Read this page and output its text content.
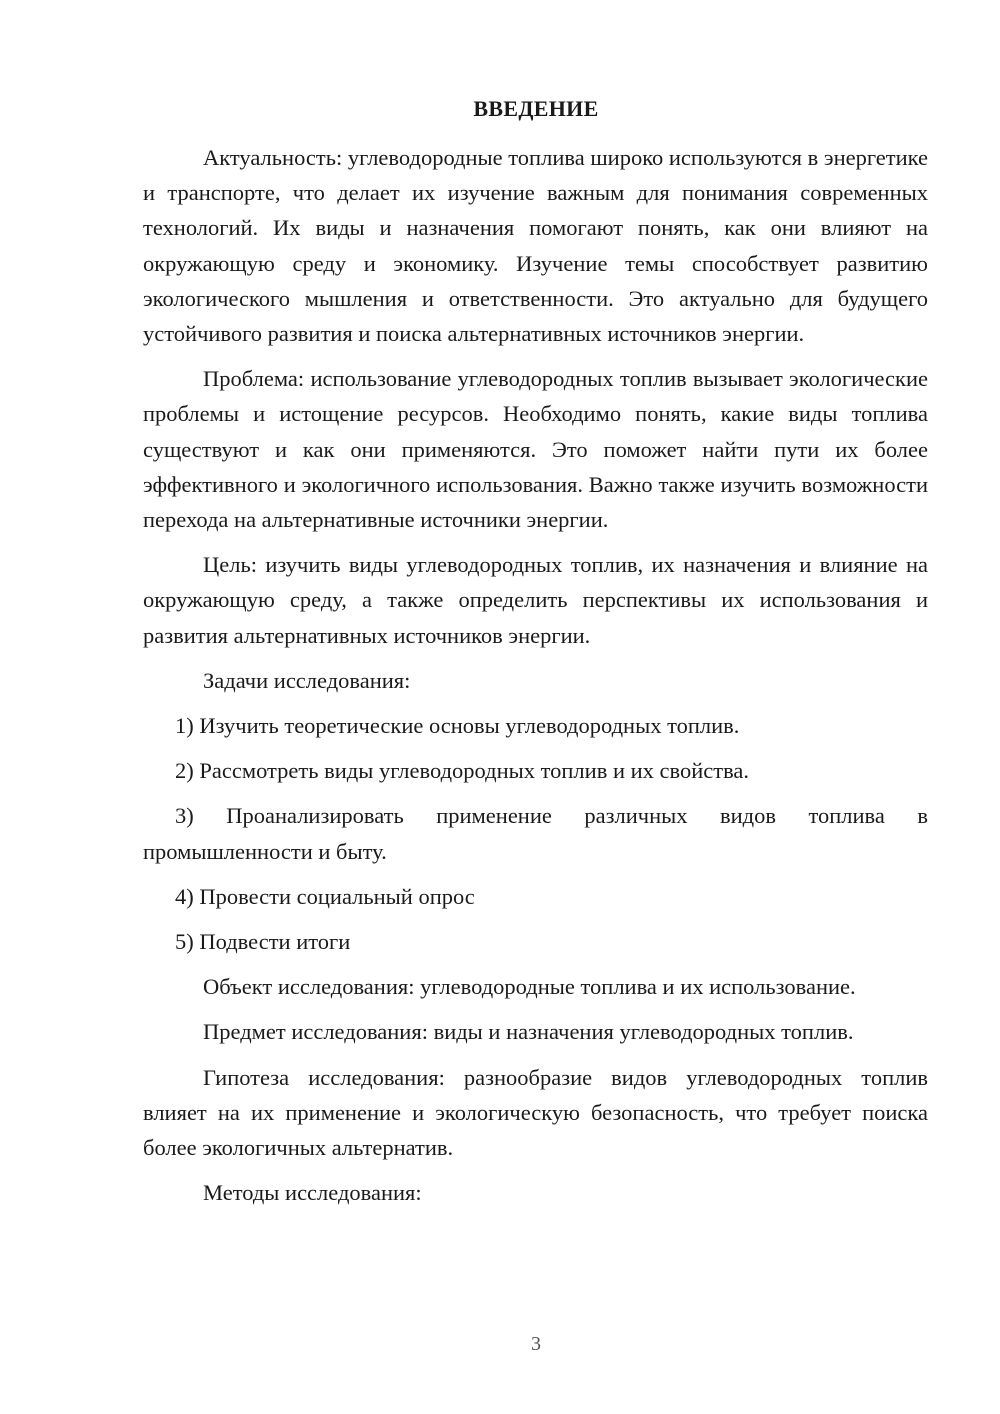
ВВЕДЕНИЕ

Актуальность: углеводородные топлива широко используются в энергетике и транспорте, что делает их изучение важным для понимания современных технологий. Их виды и назначения помогают понять, как они влияют на окружающую среду и экономику. Изучение темы способствует развитию экологического мышления и ответственности. Это актуально для будущего устойчивого развития и поиска альтернативных источников энергии.

Проблема: использование углеводородных топлив вызывает экологические проблемы и истощение ресурсов. Необходимо понять, какие виды топлива существуют и как они применяются. Это поможет найти пути их более эффективного и экологичного использования. Важно также изучить возможности перехода на альтернативные источники энергии.

Цель: изучить виды углеводородных топлив, их назначения и влияние на окружающую среду, а также определить перспективы их использования и развития альтернативных источников энергии.

Задачи исследования:

1) Изучить теоретические основы углеводородных топлив.

2) Рассмотреть виды углеводородных топлив и их свойства.

3) Проанализировать применение различных видов топлива в промышленности и быту.

4) Провести социальный опрос

5) Подвести итоги

Объект исследования: углеводородные топлива и их использование.

Предмет исследования: виды и назначения углеводородных топлив.

Гипотеза исследования: разнообразие видов углеводородных топлив влияет на их применение и экологическую безопасность, что требует поиска более экологичных альтернатив.

Методы исследования:

3
